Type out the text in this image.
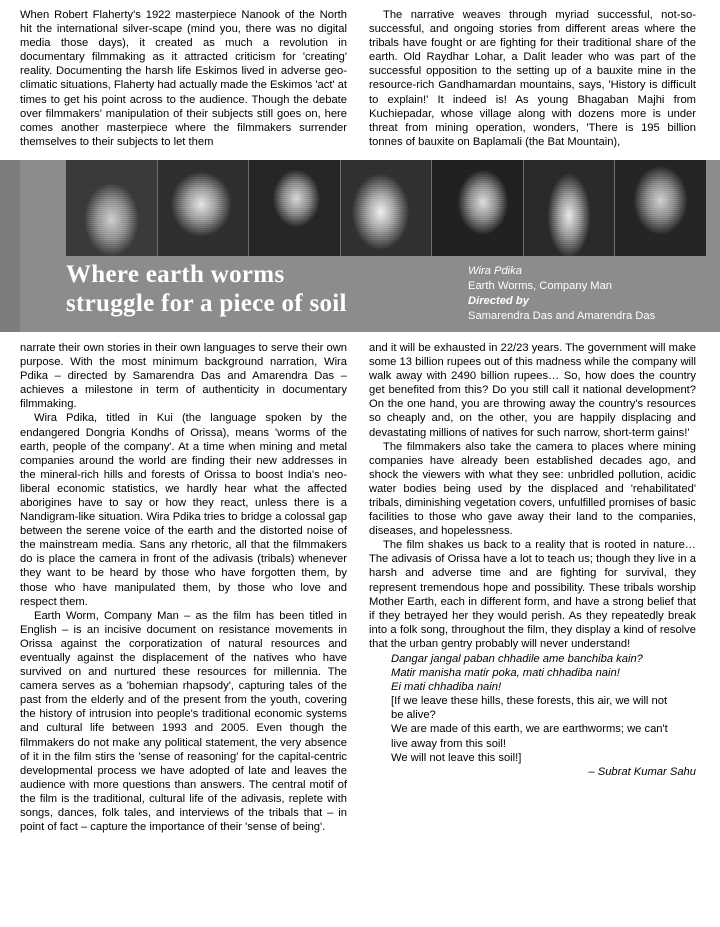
When Robert Flaherty's 1922 masterpiece Nanook of the North hit the international silver-scape (mind you, there was no digital media those days), it created as much a revolution in documentary filmmaking as it attracted criticism for 'creating' reality. Documenting the harsh life Eskimos lived in adverse geo-climatic situations, Flaherty had actually made the Eskimos 'act' at times to get his point across to the audience. Though the debate over filmmakers' manipulation of their subjects still goes on, here comes another masterpiece where the filmmakers surrender themselves to their subjects to let them

The narrative weaves through myriad successful, not-so-successful, and ongoing stories from different areas where the tribals have fought or are fighting for their traditional share of the earth. Old Raydhar Lohar, a Dalit leader who was part of the successful opposition to the setting up of a bauxite mine in the resource-rich Gandhamardan mountains, says, 'History is difficult to explain!' It indeed is! As young Bhagaban Majhi from Kuchiepadar, whose village along with dozens more is under threat from mining operation, wonders, 'There is 195 billion tonnes of bauxite on Baplamali (the Bat Mountain),

Where earth worms
struggle for a piece of soil
Wira Pdika
Earth Worms, Company Man
Directed by
Samarendra Das and Amarendra Das

narrate their own stories in their own languages to serve their own purpose. With the most minimum background narration, Wira Pdika – directed by Samarendra Das and Amarendra Das – achieves a milestone in term of authenticity in documentary filmmaking.

Wira Pdika, titled in Kui (the language spoken by the endangered Dongria Kondhs of Orissa), means 'worms of the earth, people of the company'. At a time when mining and metal companies around the world are finding their new addresses in the mineral-rich hills and forests of Orissa to boost India's neo-liberal economic statistics, we hardly hear what the affected aborigines have to say or how they react, unless there is a Nandigram-like situation. Wira Pdika tries to bridge a colossal gap between the serene voice of the earth and the distorted noise of the mainstream media. Sans any rhetoric, all that the filmmakers do is place the camera in front of the adivasis (tribals) whenever they want to be heard by those who have forgotten them, by those who have manipulated them, by those who love and respect them.

Earth Worm, Company Man – as the film has been titled in English – is an incisive document on resistance movements in Orissa against the corporatization of natural resources and eventually against the displacement of the natives who have survived on and nurtured these resources for millennia. The camera serves as a 'bohemian rhapsody', capturing tales of the past from the elderly and of the present from the youth, covering the history of intrusion into people's traditional economic systems and cultural life between 1993 and 2005. Even though the filmmakers do not make any political statement, the very absence of it in the film stirs the 'sense of reasoning' for the capital-centric developmental process we have adopted of late and leaves the audience with more questions than answers. The central motif of the film is the traditional, cultural life of the adivasis, replete with songs, dances, folk tales, and interviews of the tribals that – in point of fact – capture the importance of their 'sense of being'.

and it will be exhausted in 22/23 years. The government will make some 13 billion rupees out of this madness while the company will walk away with 2490 billion rupees… So, how does the country get benefited from this? Do you still call it national development? On the one hand, you are throwing away the country's resources so cheaply and, on the other, you are happily displacing and devastating millions of natives for such narrow, short-term gains!'

The filmmakers also take the camera to places where mining companies have already been established decades ago, and shock the viewers with what they see: unbridled pollution, acidic water bodies being used by the displaced and 'rehabilitated' tribals, diminishing vegetation covers, unfulfilled promises of basic facilities to those who gave away their land to the companies, diseases, and hopelessness.

The film shakes us back to a reality that is rooted in nature… The adivasis of Orissa have a lot to teach us; though they live in a harsh and adverse time and are fighting for survival, they represent tremendous hope and possibility. These tribals worship Mother Earth, each in different form, and have a strong belief that if they betrayed her they would perish. As they repeatedly break into a folk song, throughout the film, they display a kind of resolve that the urban gentry probably will never understand!

Dangar jangal paban chhadile ame banchiba kain?

Matir manisha matir poka, mati chhadiba nain!

Ei mati chhadiba nain!

[If we leave these hills, these forests, this air, we will not

be alive?

We are made of this earth, we are earthworms; we can't

live away from this soil!

We will not leave this soil!]

– Subrat Kumar Sahu
